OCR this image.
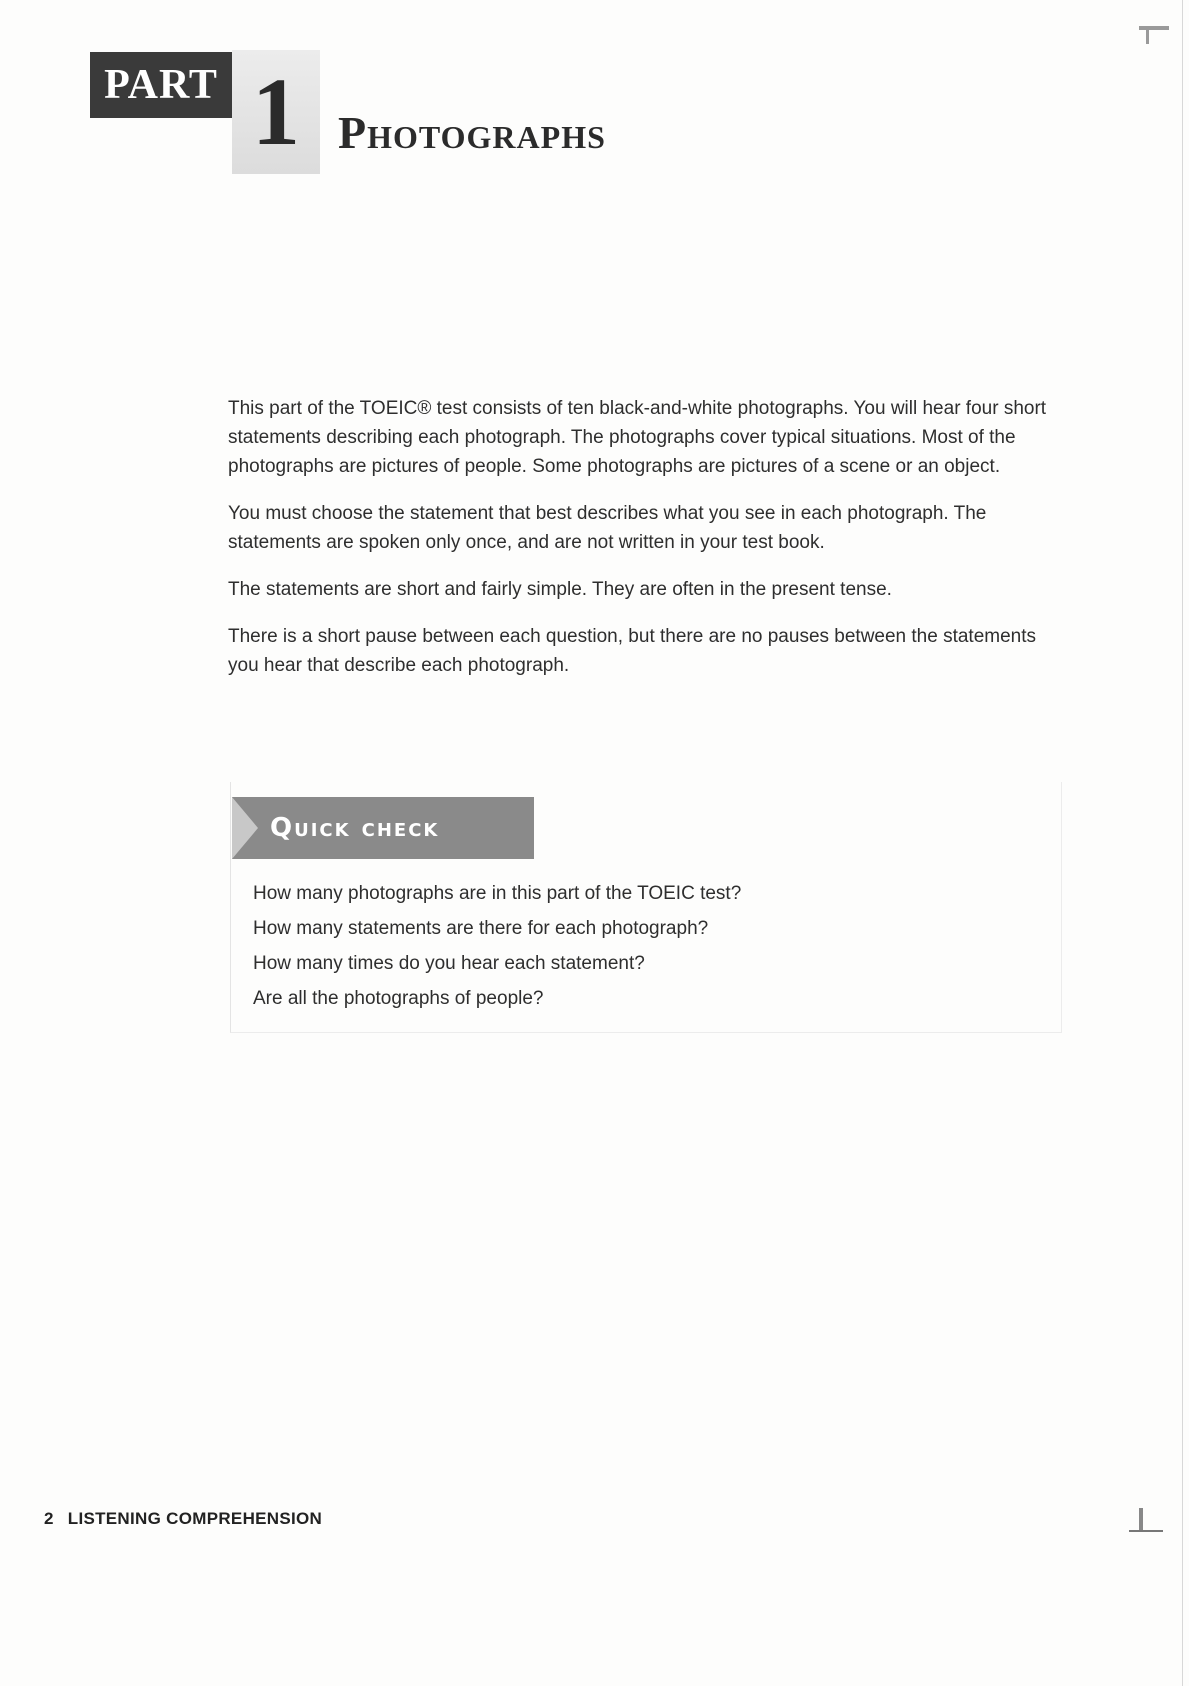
PART 1 Photographs

This part of the TOEIC® test consists of ten black-and-white photographs. You will hear four short statements describing each photograph. The photographs cover typical situations. Most of the photographs are pictures of people. Some photographs are pictures of a scene or an object.

You must choose the statement that best describes what you see in each photograph. The statements are spoken only once, and are not written in your test book.

The statements are short and fairly simple. They are often in the present tense.

There is a short pause between each question, but there are no pauses between the statements you hear that describe each photograph.

Quick check
How many photographs are in this part of the TOEIC test?
How many statements are there for each photograph?
How many times do you hear each statement?
Are all the photographs of people?
2 LISTENING COMPREHENSION
